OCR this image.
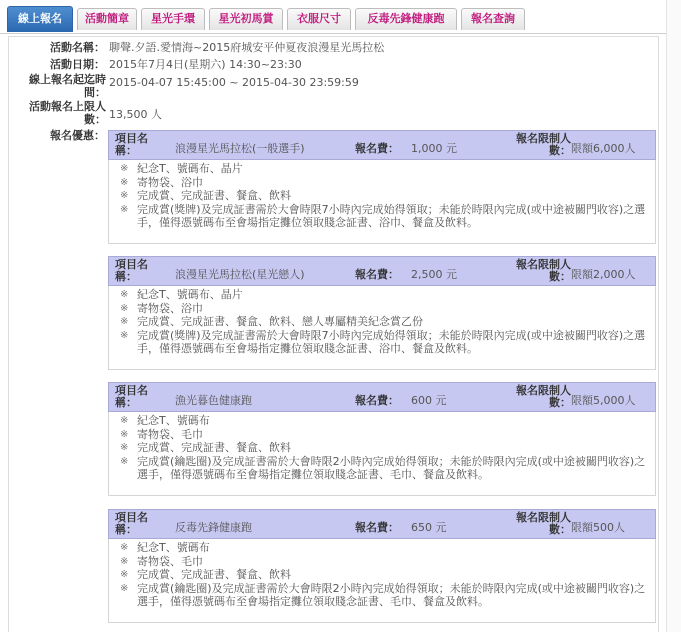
線上報名	活動簡章	星光手環	星光初馬賞	衣服尺寸	反毒先鋒健康跑	報名查詢
活動名稱： 聊聲.夕語.愛情海~2015府城安平仲夏夜浪漫星光馬拉松
活動日期： 2015年7月4日(星期六) 14:30~23:30
線上報名起迄時間：
2015-04-07 15:45:00 ~ 2015-04-30 23:59:59
活動報名上限人數： 13,500 人
報名優惠： 項目名稱：	浪漫星光馬拉松(一般選手)	報名費： 1,000 元
報名限制人數： 限額6,000人
※ 紀念T、號碼布、晶片
※ 寄物袋、浴巾
※ 完成賞、完成証書、餐盒、飲料
※ 完成賞(獎牌)及完成証書需於大會時限7小時內完成始得領取；未能於時限內完成(或中途被關門收容)之選手，僅得憑號碼布至會場指定攤位領取賤念証書、浴巾、餐盒及飲料。
項目名稱：	浪漫星光馬拉松(星光戀人)	報名費： 2,500 元
報名限制人數： 限額2,000人
※ 紀念T、號碼布、晶片
※ 寄物袋、浴巾
※ 完成賞、完成証書、餐盒、飲料、戀人專屬精美紀念賞乙份
※ 完成賞(獎牌)及完成証書需於大會時限7小時內完成始得領取；未能於時限內完成(或中途被關門收容)之選手，僅得憑號碼布至會場指定攤位領取賤念証書、浴巾、餐盒及飲料。
項目名稱：	漁光暮色健康跑	報名費： 600 元
報名限制人數： 限額5,000人
※ 紀念T、號碼布
※ 寄物袋、毛巾
※ 完成賞、完成証書、餐盒、飲料
※ 完成賞(鑰匙圈)及完成証書需於大會時限2小時內完成始得領取；未能於時限內完成(或中途被關門收容)之選手，僅得憑號碼布至會場指定攤位領取賤念証書、毛巾、餐盒及飲料。
項目名稱：	反毒先鋒健康跑	報名費： 650 元
報名限制人數： 限額500人
※ 紀念T、號碼布
※ 寄物袋、毛巾
※ 完成賞、完成証書、餐盒、飲料
※ 完成賞(鑰匙圈)及完成証書需於大會時限2小時內完成始得領取；未能於時限內完成(或中途被關門收容)之選手，僅得憑號碼布至會場指定攤位領取賤念証書、毛巾、餐盒及飲料。
